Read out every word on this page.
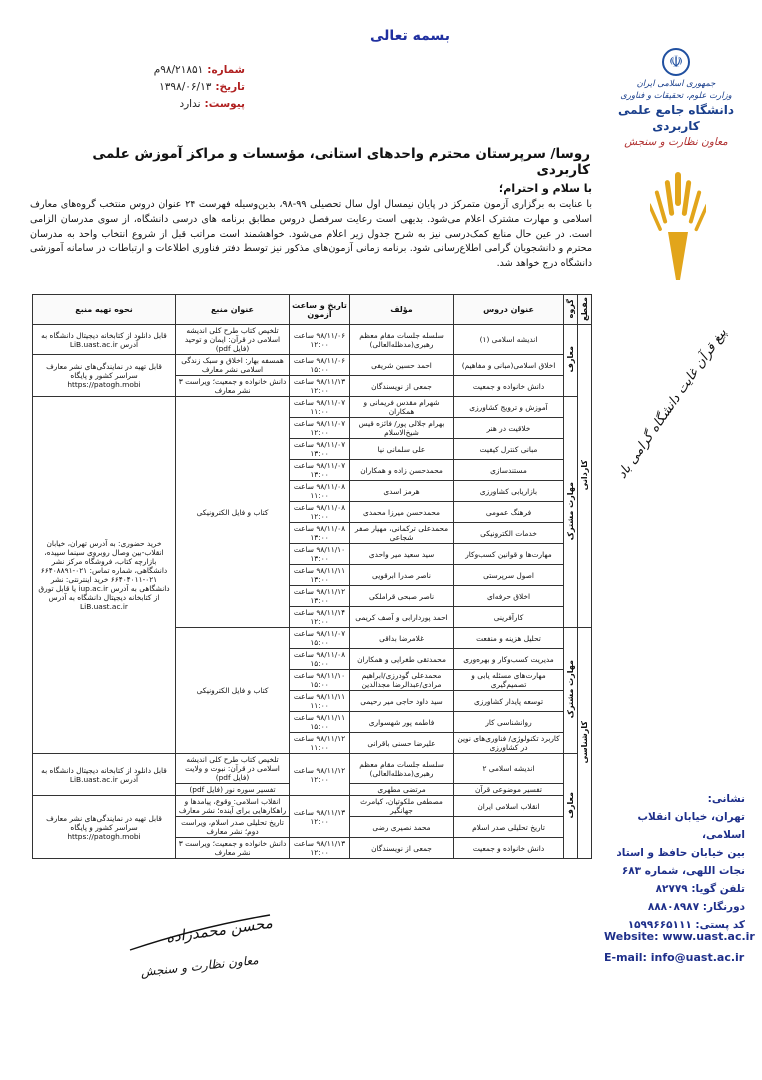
بسمه تعالی
شماره:
۹۸/۲۱۸۵۱م
تاریخ:
۱۳۹۸/۰۶/۱۳
پیوست:
ندارد
☫
جمهوری اسلامی ایران
وزارت علوم، تحقیقات و فناوری
دانشگاه جامع علمی کاربردی
معاون نظارت و سنجش
پیغ قرآن غایت دانشگاه گرامی باد
روسا/ سرپرستان محترم واحدهای استانی، مؤسسات و مراکز آموزش علمی کاربردی
با سلام و احترام؛
با عنایت به برگزاری آزمون متمرکز در پایان نیمسال اول سال تحصیلی ۹۹-۹۸، بدین‌وسیله فهرست ۲۴ عنوان دروس منتخب گروه‌های معارف اسلامی و مهارت مشترک اعلام می‌شود. بدیهی است رعایت سرفصل دروس مطابق برنامه های درسی دانشگاه، از سوی مدرسان الزامی است. در عین حال منابع کمک‌درسی نیز به شرح جدول زیر اعلام می‌شود. خواهشمند است مراتب قبل از شروع انتخاب واحد به مدرسان محترم و دانشجویان گرامی اطلاع‌رسانی شود. برنامه زمانی آزمون‌های مذکور نیز توسط دفتر فناوری اطلاعات و ارتباطات در سامانه آموزشی دانشگاه درج خواهد شد.
مقطع	گروه	عنوان دروس	مؤلف	تاریخ و ساعت آزمون	عنوان منبع	نحوه تهیه منبع
کاردانی	معارف	اندیشه اسلامی (۱)	سلسله جلسات مقام معظم رهبری(مدظله‌العالی)	۹۸/۱۱/۰۶ ساعت ۱۲:۰۰	تلخیص کتاب طرح کلی اندیشه اسلامی در قرآن: ایمان و توحید (فایل pdf)	قابل دانلود از کتابخانه دیجیتال دانشگاه به آدرس LiB.uast.ac.ir
		اخلاق اسلامی(مبانی و مفاهیم)	احمد حسین شریفی	۹۸/۱۱/۰۶ ساعت ۱۵:۰۰	همسفه بهار: اخلاق و سبک زندگی اسلامی نشر معارف	قابل تهیه در نمایندگی‌های نشر معارف سراسر کشور و پایگاه https://patogh.mobi
		دانش خانواده و جمعیت	جمعی از نویسندگان	۹۸/۱۱/۱۳ ساعت ۱۲:۰۰	دانش خانواده و جمعیت؛ ویراست ۳ نشر معارف	
	مهارت مشترک	آموزش و ترویج کشاورزی	شهرام مقدس فریمانی و همکاران	۹۸/۱۱/۰۷ ساعت ۱۱:۰۰	کتاب و فایل الکترونیکی	خرید حضوری: به آدرس تهران، خیابان انقلاب-بین وصال روبروی سینما سپیده، بازارچه کتاب، فروشگاه مرکز نشر دانشگاهی، شماره تماس: ۰۲۱-۶۶۴۰۸۸۹۱ ۰۲۱-۶۶۴۰۴۰۱۱ خرید اینترنتی: نشر دانشگاهی به آدرس iup.ac.ir یا قابل تورق از کتابخانه دیجیتال دانشگاه به آدرس LiB.uast.ac.ir
		خلاقیت در هنر	بهرام جلالی پور/ فائزه قیس شیخ‌الاسلام	۹۸/۱۱/۰۷ ساعت ۱۲:۰۰		
		مبانی کنترل کیفیت	علی سلمانی نیا	۹۸/۱۱/۰۷ ساعت ۱۳:۰۰		
		مستندسازی	محمدحسن زاده و همکاران	۹۸/۱۱/۰۷ ساعت ۱۳:۰۰		
		بازاریابی کشاورزی	هرمز اسدی	۹۸/۱۱/۰۸ ساعت ۱۱:۰۰		
		فرهنگ عمومی	محمدحسن میرزا محمدی	۹۸/۱۱/۰۸ ساعت ۱۲:۰۰		
		خدمات الکترونیکی	محمدعلی ترکمانی، مهیار صفر شجاعی	۹۸/۱۱/۰۸ ساعت ۱۳:۰۰		
		مهارت‌ها و قوانین کسب‌وکار	سید سعید میر واحدی	۹۸/۱۱/۱۰ ساعت ۱۳:۰۰		
		اصول سرپرستی	ناصر صدرا ابرقویی	۹۸/۱۱/۱۱ ساعت ۱۳:۰۰		
		اخلاق حرفه‌ای	ناصر صبحی قراملکی	۹۸/۱۱/۱۲ ساعت ۱۳:۰۰		
		کارآفرینی	احمد پوردارابی و آصف کریمی	۹۸/۱۱/۱۴ ساعت ۱۲:۰۰		
کارشناسی	مهارت مشترک	تحلیل هزینه و منفعت	غلامرضا بداقی	۹۸/۱۱/۰۷ ساعت ۱۵:۰۰	کتاب و فایل الکترونیکی	
		مدیریت کسب‌وکار و بهره‌وری	محمدتقی طغرایی و همکاران	۹۸/۱۱/۰۸ ساعت ۱۵:۰۰		
		مهارت‌های مسئله یابی و تصمیم‌گیری	محمدعلی گودرزی/ابراهیم مرادی/عبدالرضا مجدالدین	۹۸/۱۱/۱۰ ساعت ۱۵:۰۰		
		توسعه پایدار کشاورزی	سید داود حاجی میر رحیمی	۹۸/۱۱/۱۱ ساعت ۱۱:۰۰		
		روانشناسی کار	فاطمه پور شهسواری	۹۸/۱۱/۱۱ ساعت ۱۵:۰۰		
		کاربرد تکنولوژی/ فناوری‌های نوین در کشاورزی	علیرضا حسنی باقرانی	۹۸/۱۱/۱۲ ساعت ۱۱:۰۰		
	معارف	اندیشه اسلامی ۲	سلسله جلسات مقام معظم رهبری(مدظله‌العالی)	۹۸/۱۱/۱۲ ساعت ۱۲:۰۰	تلخیص کتاب طرح کلی اندیشه اسلامی در قرآن: نبوت و ولایت (فایل pdf)	قابل دانلود از کتابخانه دیجیتال دانشگاه به آدرس LiB.uast.ac.ir
		تفسیر موضوعی قرآن	مرتضی مطهری		تفسیر سوره نور (فایل pdf)	
		انقلاب اسلامی ایران	مصطفی ملکوتیان، کیامرث جهانگیر	۹۸/۱۱/۱۳ ساعت ۱۲:۰۰	انقلاب اسلامی: وقوع، پیامدها و راهکارهایی برای آینده؛ نشر معارف	قابل تهیه در نمایندگی‌های نشر معارف سراسر کشور و پایگاه https://patogh.mobi
		تاریخ تحلیلی صدر اسلام	محمد نصیری رضی		تاریخ تحلیلی صدر اسلام، ویراست دوم؛ نشر معارف	
		دانش خانواده و جمعیت	جمعی از نویسندگان	۹۸/۱۱/۱۳ ساعت ۱۲:۰۰	دانش خانواده و جمعیت؛ ویراست ۳ نشر معارف	
محسن محمدزاده
معاون نظارت و سنجش
نشانی:
تهران، خیابان انقلاب اسلامی،
بین خیابان حافظ و استاد
نجات اللهی، شماره ۶۸۳
تلفن گویا: ۸۲۷۷۹
دورنگار: ۸۸۸۰۸۹۸۷
کد پستی: ۱۵۹۹۶۶۵۱۱۱
Website: www.uast.ac.ir
E-mail: info@uast.ac.ir
